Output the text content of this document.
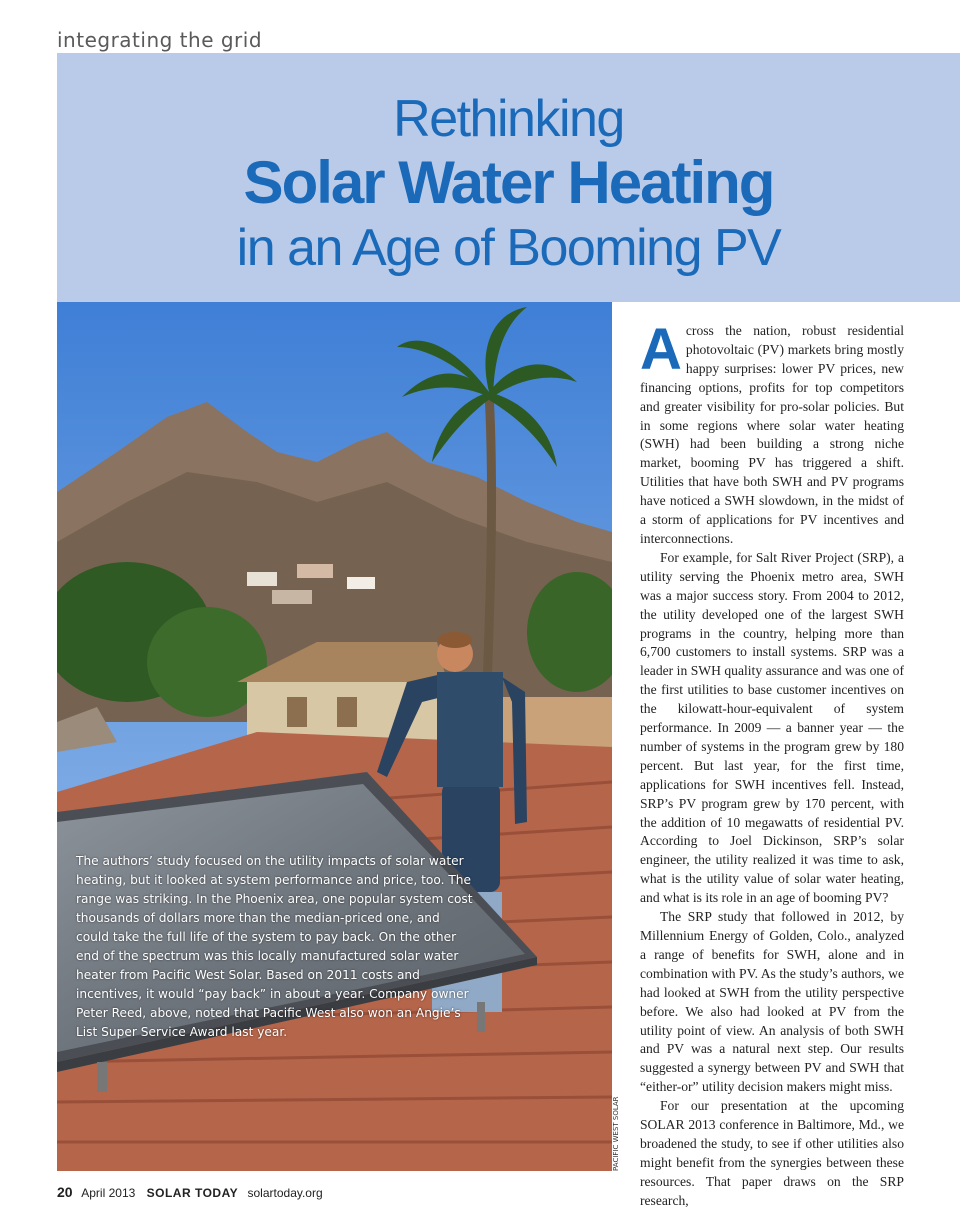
integrating the grid
Rethinking
Solar Water Heating
in an Age of Booming PV
The authors’ study focused on the utility impacts of solar water heating, but it looked at system performance and price, too. The range was striking. In the Phoenix area, one popular system cost thousands of dollars more than the median-priced one, and could take the full life of the system to pay back. On the other end of the spectrum was this locally manufactured solar water heater from Pacific West Solar. Based on 2011 costs and incentives, it would “pay back” in about a year. Company owner Peter Reed, above, noted that Pacific West also won an Angie’s List Super Service Award last year.
PACIFIC WEST SOLAR

Across the nation, robust residential photovoltaic (PV) markets bring mostly happy surprises: lower PV prices, new financing options, profits for top competitors and greater visibility for pro-solar policies. But in some regions where solar water heating (SWH) had been building a strong niche market, booming PV has triggered a shift. Utilities that have both SWH and PV programs have noticed a SWH slowdown, in the midst of a storm of applications for PV incentives and interconnections.

For example, for Salt River Project (SRP), a utility serving the Phoenix metro area, SWH was a major success story. From 2004 to 2012, the utility developed one of the largest SWH programs in the country, helping more than 6,700 customers to install systems. SRP was a leader in SWH quality assurance and was one of the first utilities to base customer incentives on the kilowatt-hour-equivalent of system performance. In 2009 — a banner year — the number of systems in the program grew by 180 percent. But last year, for the first time, applications for SWH incentives fell. Instead, SRP’s PV program grew by 170 percent, with the addition of 10 megawatts of residential PV. According to Joel Dickinson, SRP’s solar engineer, the utility realized it was time to ask, what is the utility value of solar water heating, and what is its role in an age of booming PV?

The SRP study that followed in 2012, by Millennium Energy of Golden, Colo., analyzed a range of benefits for SWH, alone and in combination with PV. As the study’s authors, we had looked at SWH from the utility perspective before. We also had looked at PV from the utility point of view. An analysis of both SWH and PV was a natural next step. Our results suggested a synergy between PV and SWH that “either-or” utility decision makers might miss.

For our presentation at the upcoming SOLAR 2013 conference in Baltimore, Md., we broadened the study, to see if other utilities also might benefit from the synergies between these resources. That paper draws on the SRP research,

20 April 2013 SOLAR TODAY solartoday.org
